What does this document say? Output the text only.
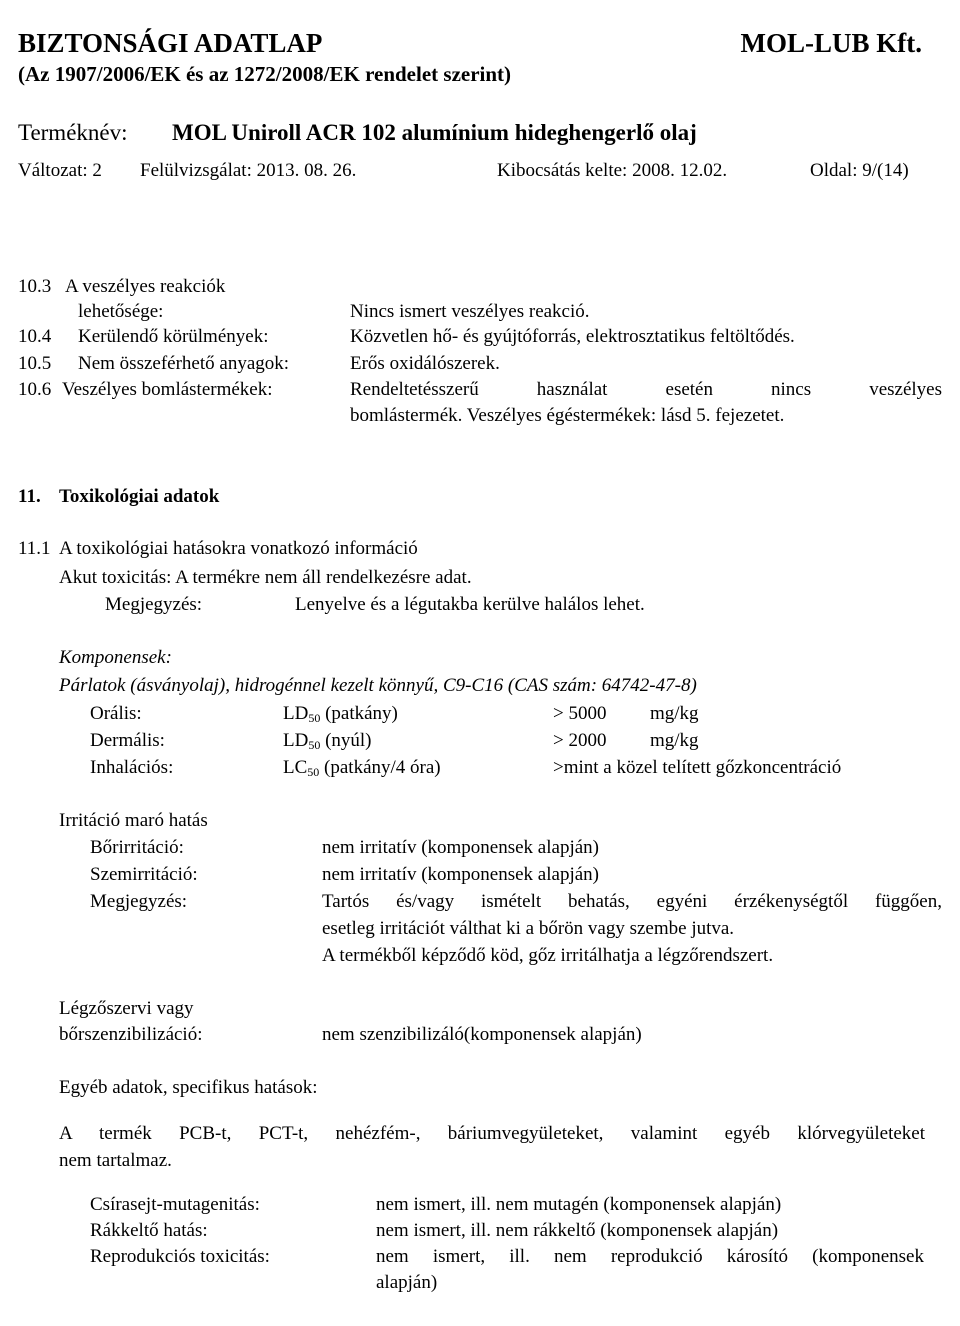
BIZTONSÁGI ADATLAP	MOL-LUB Kft.
(Az 1907/2006/EK és az 1272/2008/EK rendelet szerint)
Terméknév: MOL Uniroll ACR 102 alumínium hideghengerlő olaj
Változat: 2 Felülvizsgálat: 2013. 08. 26.	Kibocsátás kelte: 2008. 12.02.	Oldal: 9/(14)
10.3 A veszélyes reakciók
lehetősége:	Nincs ismert veszélyes reakció.
10.4 Kerülendő körülmények:	Közvetlen hő- és gyújtóforrás, elektrosztatikus feltöltődés.
10.5 Nem összeférhető anyagok:	Erős oxidálószerek.
10.6 Veszélyes bomlástermékek:	Rendeltetésszerű használat esetén nincs veszélyes
bomlástermék. Veszélyes égéstermékek: lásd 5. fejezetet.
11. Toxikológiai adatok
11.1 A toxikológiai hatásokra vonatkozó információ
Akut toxicitás: A termékre nem áll rendelkezésre adat.
Megjegyzés:	Lenyelve és a légutakba kerülve halálos lehet.
Komponensek:
Párlatok (ásványolaj), hidrogénnel kezelt könnyű, C9-C16 (CAS szám: 64742-47-8)
Orális:	$LD_{50}$ (patkány)	> 5000 mg/kg
Dermális:	$LD_{50}$ (nyúl)	> 2000 mg/kg
Inhalációs:	$LC_{50}$ (patkány/4 óra)	>mint a közel telített gőzkoncentráció
Irritáció maró hatás
Bőrirritáció:	nem irritatív (komponensek alapján)
Szemirritáció:	nem irritatív (komponensek alapján)
Megjegyzés:	Tartós és/vagy ismételt behatás, egyéni érzékenységtől függően,
esetleg irritációt válthat ki a bőrön vagy szembe jutva.
A termékből képződő köd, gőz irritálhatja a légzőrendszert.
Légzőszervi vagy
bőrszenzibilizáció:	nem szenzibilizáló(komponensek alapján)
Egyéb adatok, specifikus hatások:
A termék PCB-t, PCT-t, nehézfém-, báriumvegyületeket, valamint egyéb klórvegyületeket
nem tartalmaz.
Csírasejt-mutagenitás:	nem ismert, ill. nem mutagén (komponensek alapján)
Rákkeltő hatás:	nem ismert, ill. nem rákkeltő (komponensek alapján)
Reprodukciós toxicitás:	nem ismert, ill. nem reprodukció károsító (komponensek
alapján)
